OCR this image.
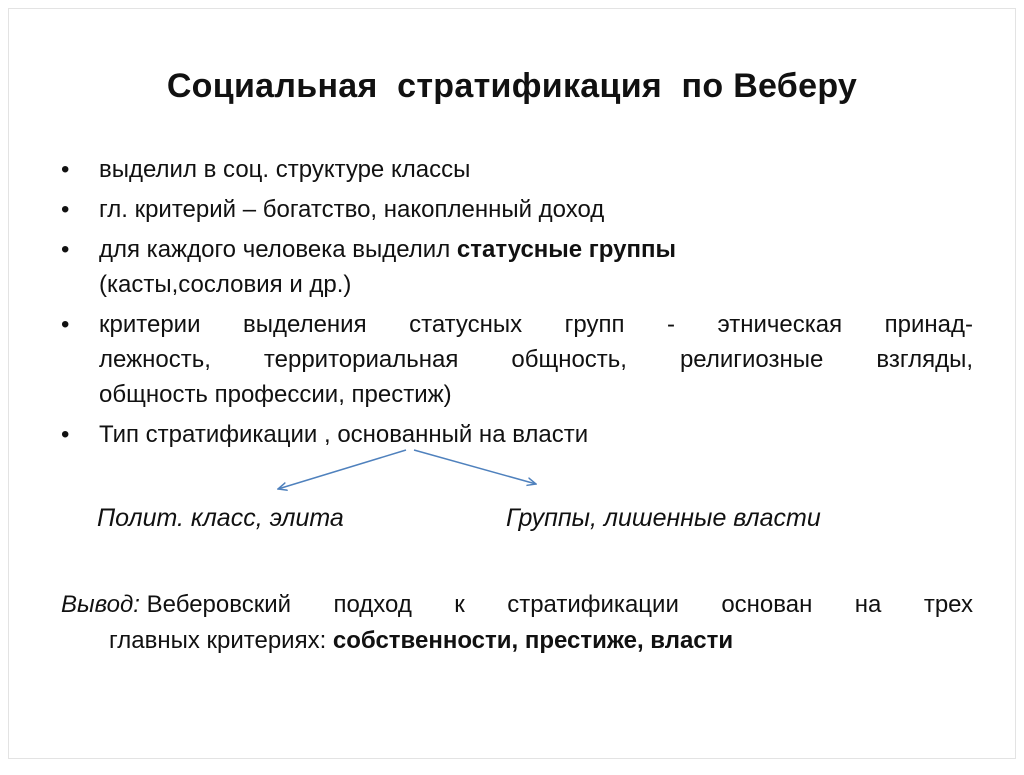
Социальная  стратификация  по Веберу
• выделил в соц. структуре классы
• гл. критерий – богатство, накопленный доход
• для каждого человека выделил статусные группы
(касты,сословия и др.)
• критерии выделения статусных групп - этническая принад-
лежность, территориальная общность, религиозные взгляды,
общность профессии, престиж)
• Тип стратификации , основанный на власти
Полит. класс, элита	Группы, лишенные власти
Вывод: Веберовский подход к стратификации основан на трех
главных критериях: собственности, престиже, власти
